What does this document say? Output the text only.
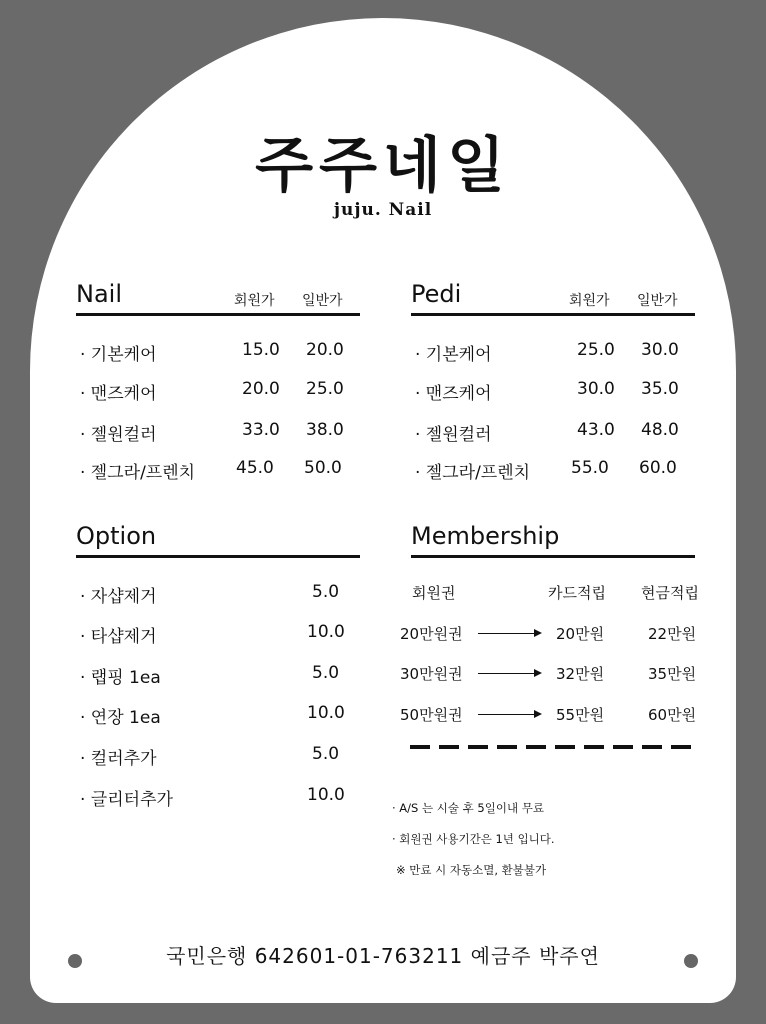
주주네일
juju. Nail
Nail	회원가 일반가
· 기본케어	15.0 20.0
· 맨즈케어	20.0 25.0
· 젤원컬러	33.0 38.0
· 젤그라/프렌치 45.0 50.0
Pedi	회원가 일반가
· 기본케어	25.0 30.0
· 맨즈케어	30.0 35.0
· 젤원컬러	43.0 48.0
· 젤그라/프렌치 55.0 60.0
Option
· 자샵제거	5.0
· 타샵제거	10.0
· 랩핑 1ea	5.0
· 연장 1ea	10.0
· 컬러추가	5.0
· 글리터추가	10.0
Membership
회원권	카드적립 현금적립
20만원권	20만원	22만원
30만원권	32만원	35만원
50만원권	55만원	60만원
· A/S 는 시술 후 5일이내 무료
· 회원권 사용기간은 1년 입니다.
※ 만료 시 자동소멸, 환불불가
국민은행 642601-01-763211 예금주 박주연
